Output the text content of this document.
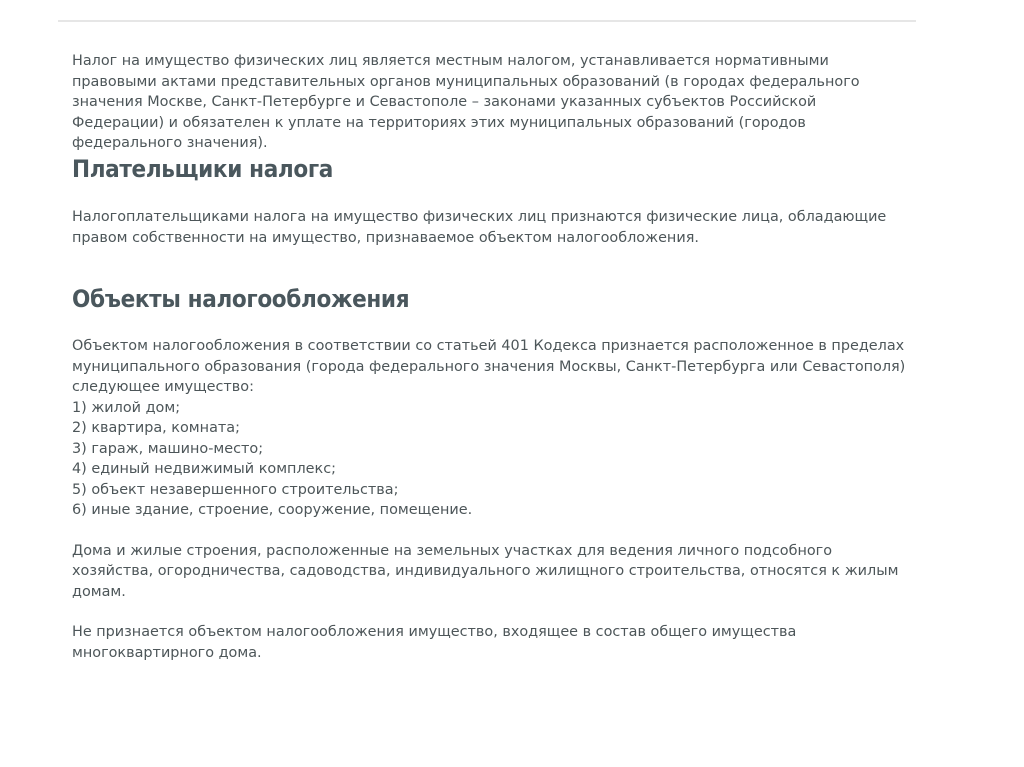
Налог на имущество физических лиц является местным налогом, устанавливается нормативными правовыми актами представительных органов муниципальных образований (в городах федерального значения Москве, Санкт-Петербурге и Севастополе – законами указанных субъектов Российской Федерации) и обязателен к уплате на территориях этих муниципальных образований (городов федерального значения).

Плательщики налога

Налогоплательщиками налога на имущество физических лиц признаются физические лица, обладающие правом собственности на имущество, признаваемое объектом налогообложения.

Объекты налогообложения

Объектом налогообложения в соответствии со статьей 401 Кодекса признается расположенное в пределах муниципального образования (города федерального значения Москвы, Санкт-Петербурга или Севастополя) следующее имущество:

1) жилой дом;
2) квартира, комната;
3) гараж, машино-место;
4) единый недвижимый комплекс;
5) объект незавершенного строительства;
6) иные здание, строение, сооружение, помещение.

Дома и жилые строения, расположенные на земельных участках для ведения личного подсобного хозяйства, огородничества, садоводства, индивидуального жилищного строительства, относятся к жилым домам.

Не признается объектом налогообложения имущество, входящее в состав общего имущества многоквартирного дома.
